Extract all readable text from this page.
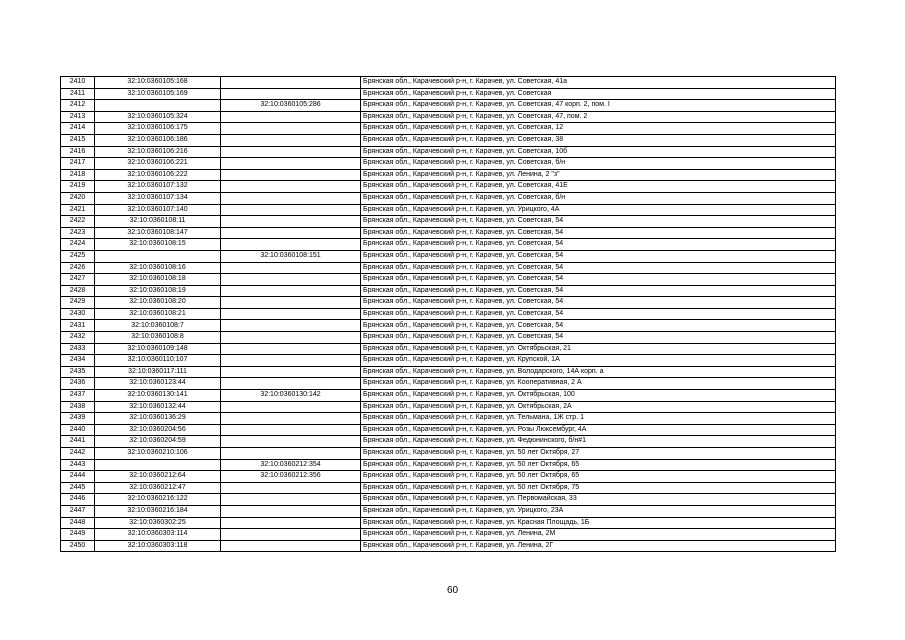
2410	32:10:0360105:168		Брянская обл., Карачевский р-н, г. Карачев, ул. Советская, 41а
2411	32:10:0360105:169		Брянская обл., Карачевский р-н, г. Карачев, ул. Советская
2412		32:10:0360105:286	Брянская обл., Карачевский р-н, г. Карачев, ул. Советская, 47 корп. 2, пом. I
2413	32:10:0360105:324		Брянская обл., Карачевский р-н, г. Карачев, ул. Советская, 47, пом. 2
2414	32:10:0360106:175		Брянская обл., Карачевский р-н, г. Карачев, ул. Советская, 12
2415	32:10:0360106:186		Брянская обл., Карачевский р-н, г. Карачев, ул. Советская, 38
2416	32:10:0360106:216		Брянская обл., Карачевский р-н, г. Карачев, ул. Советская, 10б
2417	32:10:0360106:221		Брянская обл., Карачевский р-н, г. Карачев, ул. Советская, б/н
2418	32:10:0360106:222		Брянская обл., Карачевский р-н, г. Карачев, ул. Ленина, 2 "з"
2419	32:10:0360107:132		Брянская обл., Карачевский р-н, г. Карачев, ул. Советская, 41Е
2420	32:10:0360107:134		Брянская обл., Карачевский р-н, г. Карачев, ул. Советская, б/н
2421	32:10:0360107:140		Брянская обл., Карачевский р-н, г. Карачев, ул. Урицкого, 4А
2422	32:10:0360108:11		Брянская обл., Карачевский р-н, г. Карачев, ул. Советская, 54
2423	32:10:0360108:147		Брянская обл., Карачевский р-н, г. Карачев, ул. Советская, 54
2424	32:10:0360108:15		Брянская обл., Карачевский р-н, г. Карачев, ул. Советская, 54
2425		32:10:0360108:151	Брянская обл., Карачевский р-н, г. Карачев, ул. Советская, 54
2426	32:10:0360108:16		Брянская обл., Карачевский р-н, г. Карачев, ул. Советская, 54
2427	32:10:0360108:18		Брянская обл., Карачевский р-н, г. Карачев, ул. Советская, 54
2428	32:10:0360108:19		Брянская обл., Карачевский р-н, г. Карачев, ул. Советская, 54
2429	32:10:0360108:20		Брянская обл., Карачевский р-н, г. Карачев, ул. Советская, 54
2430	32:10:0360108:21		Брянская обл., Карачевский р-н, г. Карачев, ул. Советская, 54
2431	32:10:0360108:7		Брянская обл., Карачевский р-н, г. Карачев, ул. Советская, 54
2432	32:10:0360108:8		Брянская обл., Карачевский р-н, г. Карачев, ул. Советская, 54
2433	32:10:0360109:148		Брянская обл., Карачевский р-н, г. Карачев, ул. Октябрьская, 21
2434	32:10:0360110:107		Брянская обл., Карачевский р-н, г. Карачев, ул. Крупской, 1А
2435	32:10:0360117:111		Брянская обл., Карачевский р-н, г. Карачев, ул. Володарского, 14А корп. а
2436	32:10:0360123:44		Брянская обл., Карачевский р-н, г. Карачев, ул. Кооперативная, 2 А
2437	32:10:0360130:141	32:10:0360130:142	Брянская обл., Карачевский р-н, г. Карачев, ул. Октябрьская, 100
2438	32:10:0360132:44		Брянская обл., Карачевский р-н, г. Карачев, ул. Октябрьская, 2А
2439	32:10:0360136:29		Брянская обл., Карачевский р-н, г. Карачев, ул. Тельмана, 1Ж стр. 1
2440	32:10:0360204:56		Брянская обл., Карачевский р-н, г. Карачев, ул. Розы Люксембург, 4А
2441	32:10:0360204:59		Брянская обл., Карачевский р-н, г. Карачев, ул. Федюнинского, б/н#1
2442	32:10:0360210:106		Брянская обл., Карачевский р-н, г. Карачев, ул. 50 лет Октября, 27
2443		32:10:0360212:354	Брянская обл., Карачевский р-н, г. Карачев, ул. 50 лет Октября, 65
2444	32:10:0360212:64	32:10:0360212:356	Брянская обл., Карачевский р-н, г. Карачев, ул. 50 лет Октября, 65
2445	32:10:0360212:47		Брянская обл., Карачевский р-н, г. Карачев, ул. 50 лет Октября, 75
2446	32:10:0360216:122		Брянская обл., Карачевский р-н, г. Карачев, ул. Первомайская, 33
2447	32:10:0360216:184		Брянская обл., Карачевский р-н, г. Карачев, ул. Урицкого, 23А
2448	32:10:0360302:25		Брянская обл., Карачевский р-н, г. Карачев, ул. Красная Площадь, 1Б
2449	32:10:0360303:114		Брянская обл., Карачевский р-н, г. Карачев, ул. Ленина, 2М
2450	32:10:0360303:118		Брянская обл., Карачевский р-н, г. Карачев, ул. Ленина, 2Г
60
